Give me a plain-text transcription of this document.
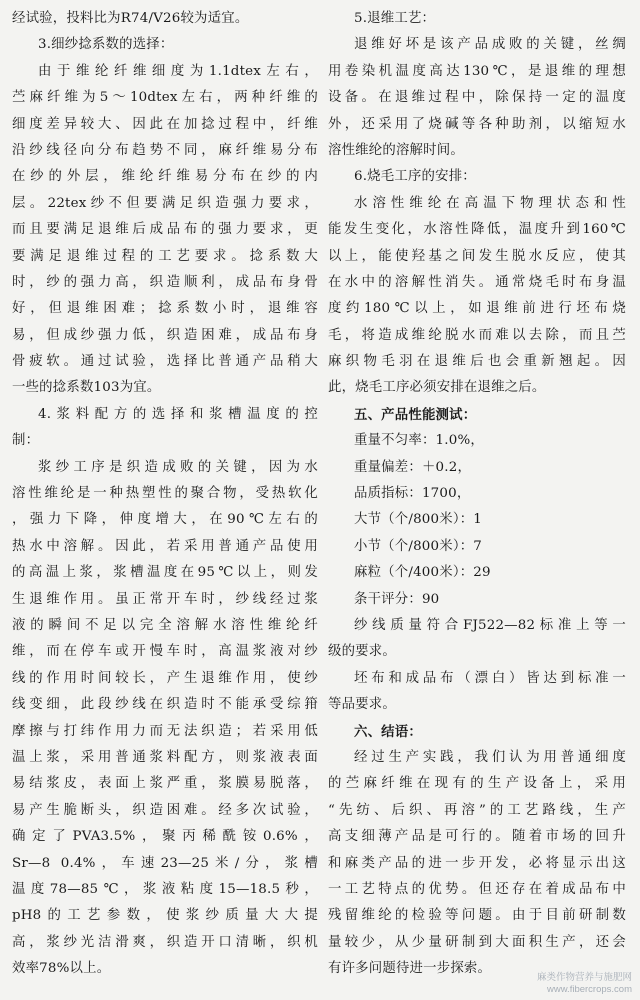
经试验，投料比为R74/V26较为适宜。
3.细纱捻系数的选择：
由于维纶纤维细度为1.1dtex左右，
苎麻纤维为5～10dtex左右，两种纤维的
细度差异较大、因此在加捻过程中，纤维
沿纱线径向分布趋势不同，麻纤维易分布
在纱的外层，维纶纤维易分布在纱的内
层。22tex纱不但要满足织造强力要求，
而且要满足退维后成品布的强力要求，更
要满足退维过程的工艺要求。捻系数大
时，纱的强力高，织造顺利，成品布身骨
好，但退维困难；捻系数小时，退维容
易，但成纱强力低，织造困难，成品布身
骨疲软。通过试验，选择比普通产品稍大
一些的捻系数103为宜。
4.浆料配方的选择和浆槽温度的控
制：
浆纱工序是织造成败的关键，因为水
溶性维纶是一种热塑性的聚合物，受热软化
，强力下降，伸度增大，在90℃左右的
热水中溶解。因此，若采用普通产品使用
的高温上浆，浆槽温度在95℃以上，则发
生退维作用。虽正常开车时，纱线经过浆
液的瞬间不足以完全溶解水溶性维纶纤
维，而在停车或开慢车时，高温浆液对纱
线的作用时间较长，产生退维作用，使纱
线变细，此段纱线在织造时不能承受综箝
摩擦与打纬作用力而无法织造；若采用低
温上浆，采用普通浆料配方，则浆液表面
易结浆皮，表面上浆严重，浆膜易脱落，
易产生脆断头，织造困难。经多次试验，
确定了PVA3.5%，聚丙稀酰铵0.6%，
Sr—8 0.4%，车速23—25米/分，浆槽
温度78—85℃，浆液粘度15—18.5秒，
pH8的工艺参数，使浆纱质量大大提
高，浆纱光洁滑爽，织造开口清晰，织机
效率78%以上。
5.退维工艺：
退维好坏是该产品成败的关键，丝绸
用卷染机温度高达130℃，是退维的理想
设备。在退维过程中，除保持一定的温度
外，还采用了烧碱等各种助剂，以缩短水
溶性维纶的溶解时间。
6.烧毛工序的安排：
水溶性维纶在高温下物理状态和性
能发生变化，水溶性降低，温度升到160℃
以上，能使羟基之间发生脱水反应，使其
在水中的溶解性消失。通常烧毛时布身温
度约180℃以上，如退维前进行坯布烧
毛，将造成维纶脱水而难以去除，而且苎
麻织物毛羽在退维后也会重新翘起。因
此，烧毛工序必须安排在退维之后。
五、产品性能测试：
重量不匀率：1.0%，
重量偏差：＋0.2，
品质指标：1700，
大节（个/800米）：1
小节（个/800米）：7
麻粒（个/400米）：29
条干评分：90
纱线质量符合FJ522—82标准上等一
级的要求。
坯布和成品布（漂白）皆达到标准一
等品要求。
六、结语：
经过生产实践，我们认为用普通细度
的苎麻纤维在现有的生产设备上，采用
“先纺、后织、再溶”的工艺路线，生产
高支细薄产品是可行的。随着市场的回升
和麻类产品的进一步开发，必将显示出这
一工艺特点的优势。但还存在着成品布中
残留维纶的检验等问题。由于目前研制数
量较少，从少量研制到大面积生产，还会
有许多问题待进一步探索。
麻类作物营养与施肥网
www.fibercrops.com
